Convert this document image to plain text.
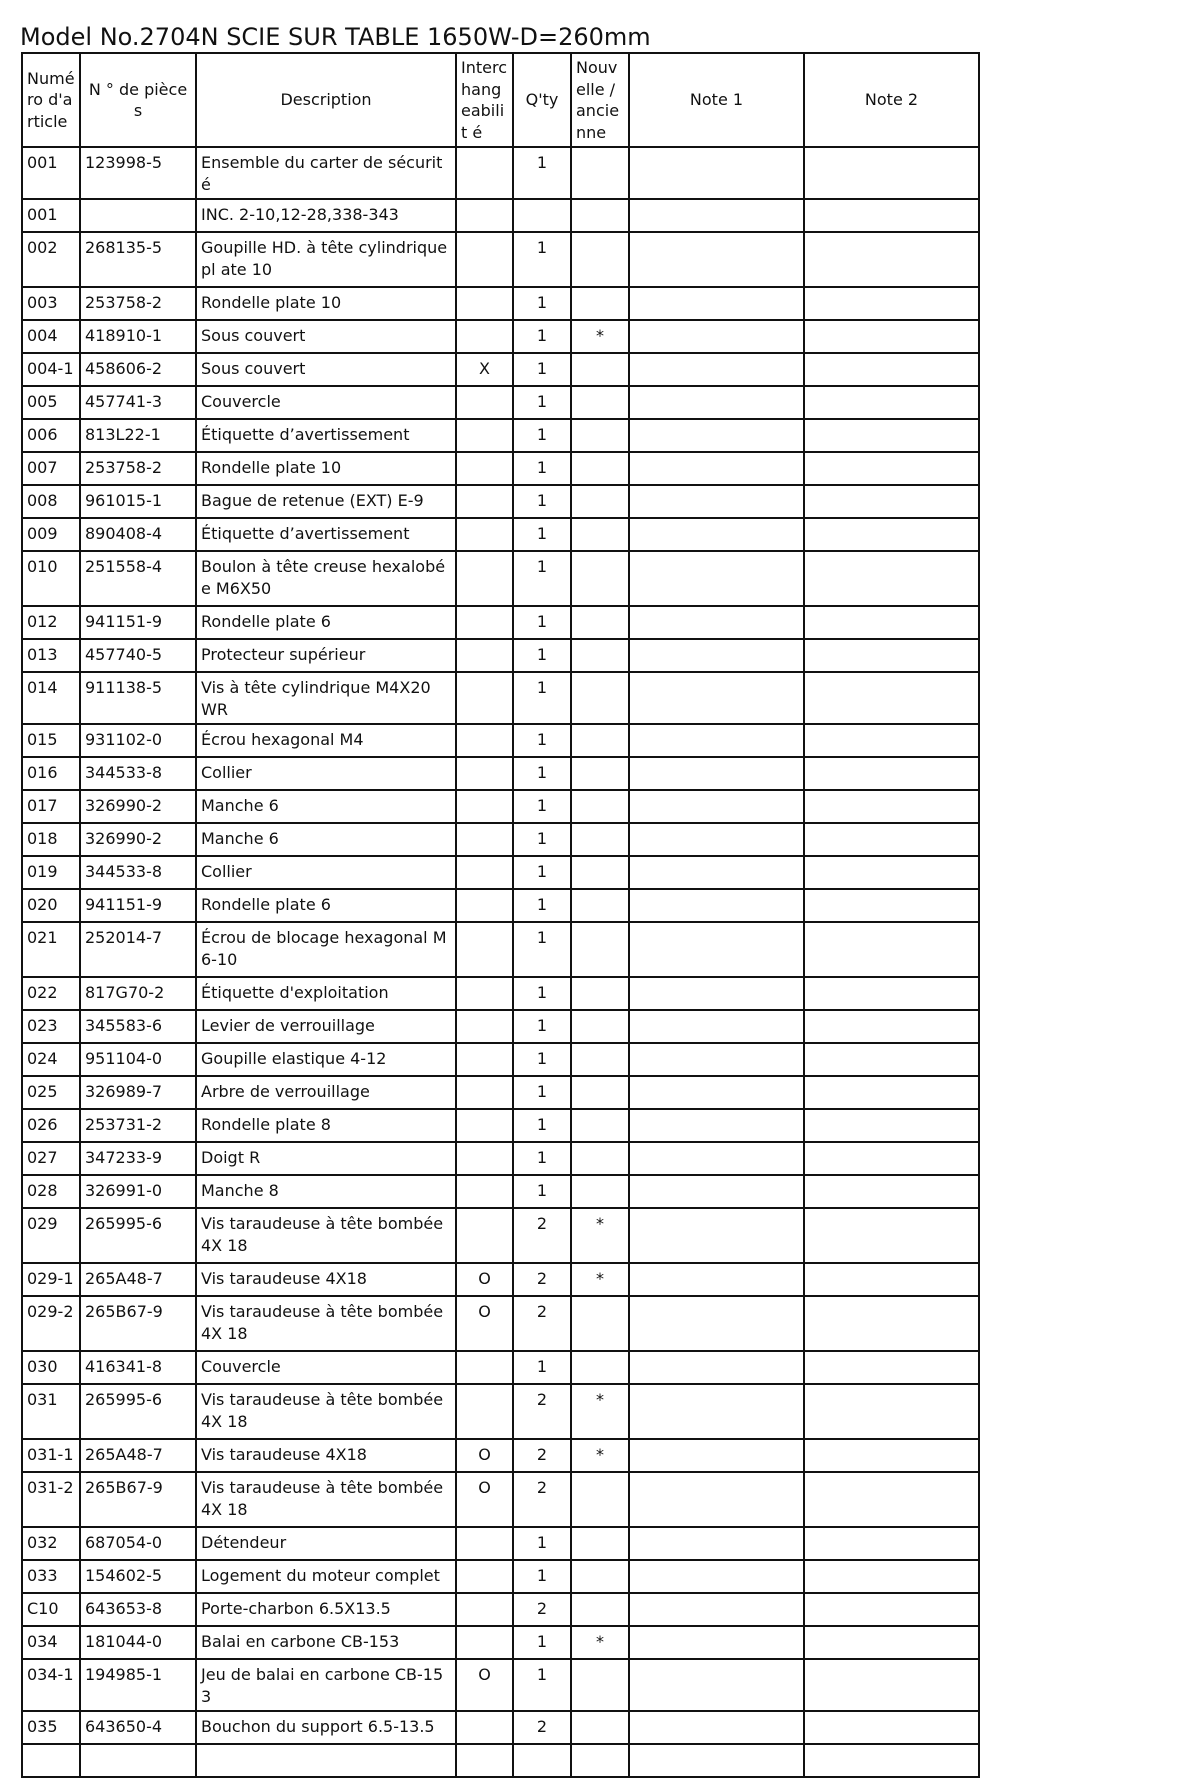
Model No.2704N SCIE SUR TABLE 1650W-D=260mm
Numé ro d'a rticle	N ° de pièces	Description	Interc hang eabilit é	Q'ty	Nouv elle / ancie nne	Note 1	Note 2
001	123998-5	Ensemble du carter de sécurité		1			
001		INC. 2-10,12-28,338-343					
002	268135-5	Goupille HD. à tête cylindrique pl ate 10		1			
003	253758-2	Rondelle plate 10		1			
004	418910-1	Sous couvert		1	*		
004-1	458606-2	Sous couvert	X	1			
005	457741-3	Couvercle		1			
006	813L22-1	Étiquette d’avertissement		1			
007	253758-2	Rondelle plate 10		1			
008	961015-1	Bague de retenue (EXT) E-9		1			
009	890408-4	Étiquette d’avertissement		1			
010	251558-4	Boulon à tête creuse hexalobée M6X50		1			
012	941151-9	Rondelle plate 6		1			
013	457740-5	Protecteur supérieur		1			
014	911138-5	Vis à tête cylindrique M4X20 WR		1			
015	931102-0	Écrou hexagonal M4		1			
016	344533-8	Collier		1			
017	326990-2	Manche 6		1			
018	326990-2	Manche 6		1			
019	344533-8	Collier		1			
020	941151-9	Rondelle plate 6		1			
021	252014-7	Écrou de blocage hexagonal M6-10		1			
022	817G70-2	Étiquette d'exploitation		1			
023	345583-6	Levier de verrouillage		1			
024	951104-0	Goupille elastique 4-12		1			
025	326989-7	Arbre de verrouillage		1			
026	253731-2	Rondelle plate 8		1			
027	347233-9	Doigt R		1			
028	326991-0	Manche 8		1			
029	265995-6	Vis taraudeuse à tête bombée 4X 18		2	*		
029-1	265A48-7	Vis taraudeuse 4X18	O	2	*		
029-2	265B67-9	Vis taraudeuse à tête bombée 4X 18	O	2			
030	416341-8	Couvercle		1			
031	265995-6	Vis taraudeuse à tête bombée 4X 18		2	*		
031-1	265A48-7	Vis taraudeuse 4X18	O	2	*		
031-2	265B67-9	Vis taraudeuse à tête bombée 4X 18	O	2			
032	687054-0	Détendeur		1			
033	154602-5	Logement du moteur complet		1			
C10	643653-8	Porte-charbon 6.5X13.5		2			
034	181044-0	Balai en carbone CB-153		1	*		
034-1	194985-1	Jeu de balai en carbone CB-153	O	1			
035	643650-4	Bouchon du support 6.5-13.5		2			
